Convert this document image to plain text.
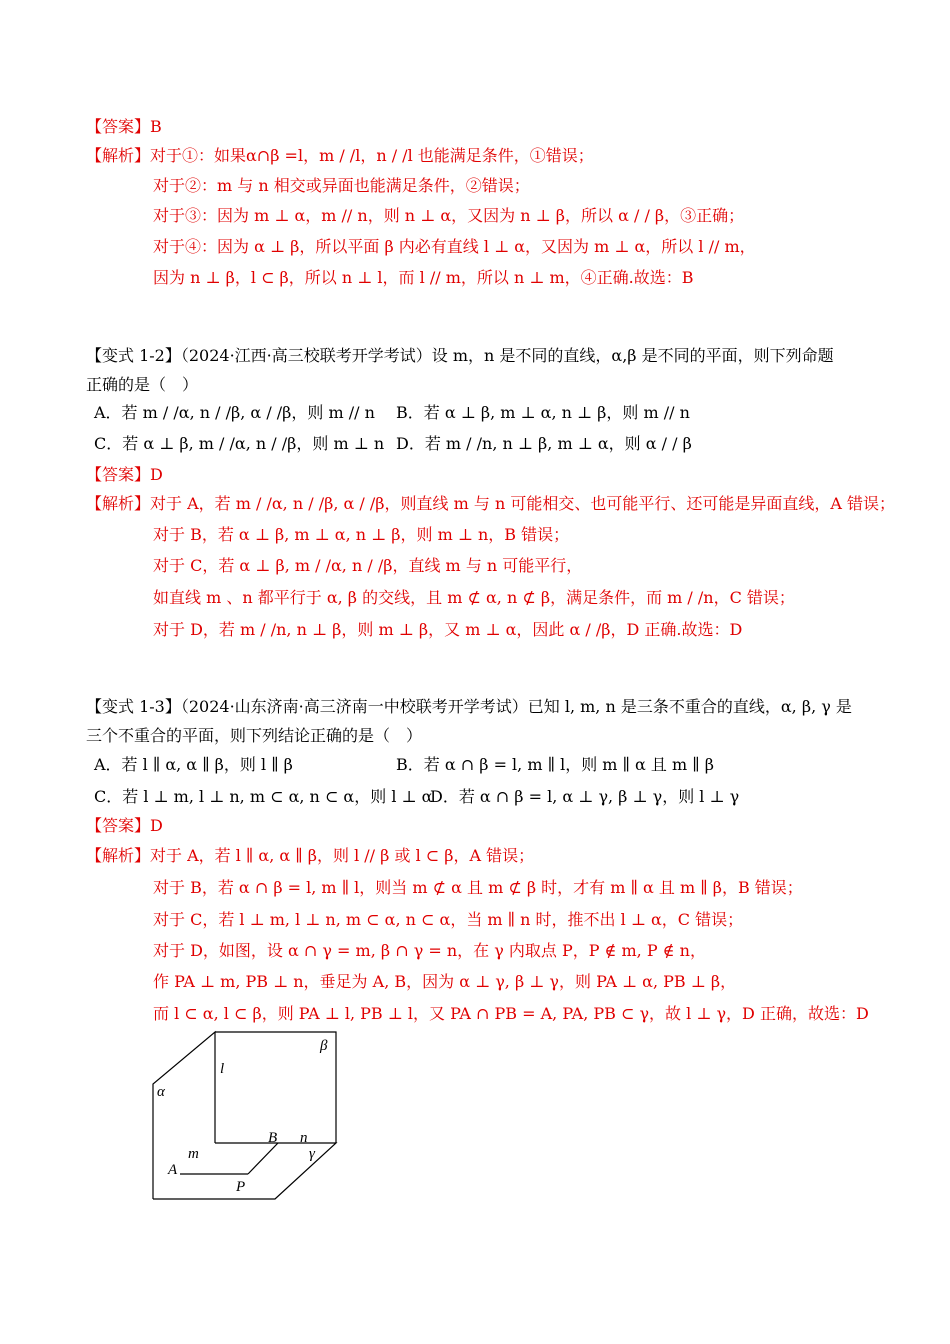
【答案】B
【解析】对于①：如果α∩β =l，m / /l，n / /l 也能满足条件，①错误；
对于②：m 与 n 相交或异面也能满足条件，②错误；
对于③：因为 m ⊥ α，m // n，则 n ⊥ α，又因为 n ⊥ β，所以 α / / β，③正确；
对于④：因为 α ⊥ β，所以平面 β 内必有直线 l ⊥ α，又因为 m ⊥ α，所以 l // m，
因为 n ⊥ β，l ⊂ β，所以 n ⊥ l，而 l // m，所以 n ⊥ m，④正确.故选：B
【变式 1-2】（2024·江西·高三校联考开学考试）设 m，n 是不同的直线，α,β 是不同的平面，则下列命题
正确的是（　）
A．若 m / /α, n / /β, α / /β，则 m // n B．若 α ⊥ β, m ⊥ α, n ⊥ β，则 m // n
C．若 α ⊥ β, m / /α, n / /β，则 m ⊥ n D．若 m / /n, n ⊥ β, m ⊥ α，则 α / / β
【答案】D
【解析】对于 A，若 m / /α, n / /β, α / /β，则直线 m 与 n 可能相交、也可能平行、还可能是异面直线，A 错误；
对于 B，若 α ⊥ β, m ⊥ α, n ⊥ β，则 m ⊥ n，B 错误；
对于 C，若 α ⊥ β, m / /α, n / /β，直线 m 与 n 可能平行，
如直线 m 、n 都平行于 α, β 的交线，且 m ⊄ α, n ⊄ β，满足条件，而 m / /n，C 错误；
对于 D，若 m / /n, n ⊥ β，则 m ⊥ β，又 m ⊥ α，因此 α / /β，D 正确.故选：D
【变式 1-3】（2024·山东济南·高三济南一中校联考开学考试）已知 l, m, n 是三条不重合的直线，α, β, γ 是
三个不重合的平面，则下列结论正确的是（　）
A．若 l ∥ α, α ∥ β，则 l ∥ β	B．若 α ∩ β = l, m ∥ l，则 m ∥ α 且 m ∥ β
C．若 l ⊥ m, l ⊥ n, m ⊂ α, n ⊂ α，则 l ⊥ α
D．若 α ∩ β = l, α ⊥ γ, β ⊥ γ，则 l ⊥ γ
【答案】D
【解析】对于 A，若 l ∥ α, α ∥ β，则 l // β 或 l ⊂ β，A 错误；
对于 B，若 α ∩ β = l, m ∥ l，则当 m ⊄ α 且 m ⊄ β 时，才有 m ∥ α 且 m ∥ β，B 错误；
对于 C，若 l ⊥ m, l ⊥ n, m ⊂ α, n ⊂ α，当 m ∥ n 时，推不出 l ⊥ α，C 错误；
对于 D，如图，设 α ∩ γ = m, β ∩ γ = n，在 γ 内取点 P，P ∉ m, P ∉ n，
作 PA ⊥ m, PB ⊥ n，垂足为 A, B，因为 α ⊥ γ, β ⊥ γ，则 PA ⊥ α, PB ⊥ β，
而 l ⊂ α, l ⊂ β，则 PA ⊥ l, PB ⊥ l，又 PA ∩ PB = A, PA, PB ⊂ γ，故 l ⊥ γ，D 正确，故选：D
l
β
α
B n
m	γ
A
P
